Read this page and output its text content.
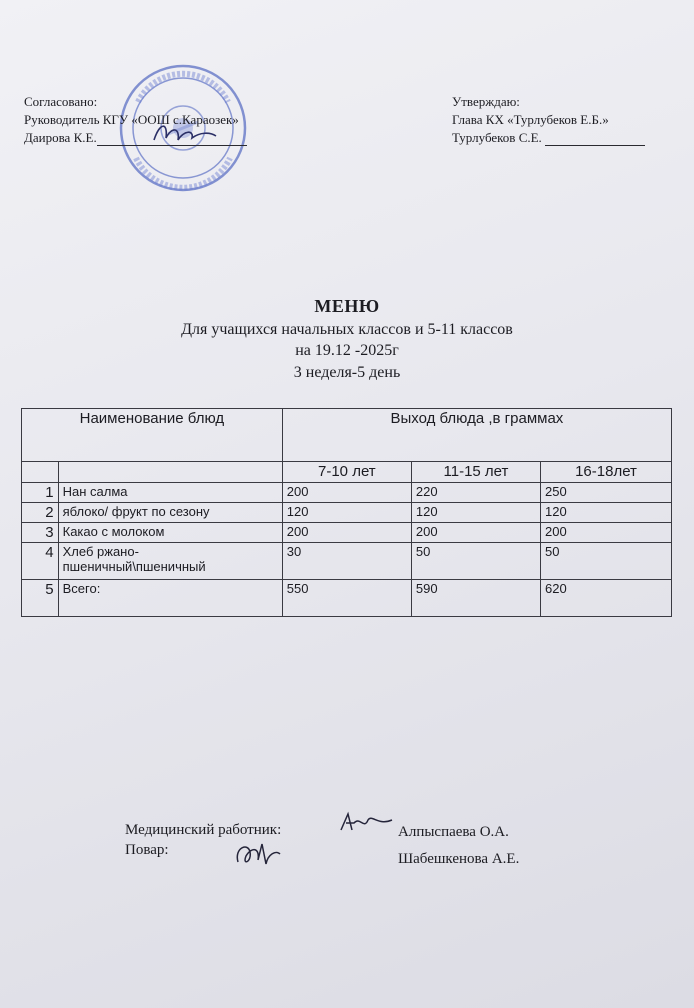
Согласовано:
Руководитель КГУ «ООШ с.Караозек»
Даирова К.Е.
Утверждаю:
Глава КХ «Турлубеков Е.Б.»
Турлубеков С.Е.
МЕНЮ
Для учащихся начальных классов и 5-11 классов
на 19.12 -2025г
3 неделя-5 день
Наименование блюд		Выход блюда ,в граммах		
		7-10 лет	11-15 лет	16-18лет
1	Нан салма	200	220	250
2	яблоко/ фрукт по сезону	120	120	120
3	Какао с молоком	200	200	200
4	Хлеб ржано-пшеничный\пшеничный	30	50	50
5	Всего:	550	590	620
Медицинский работник:	Алпыспаева О.А.
Повар:
Шабешкенова А.Е.
